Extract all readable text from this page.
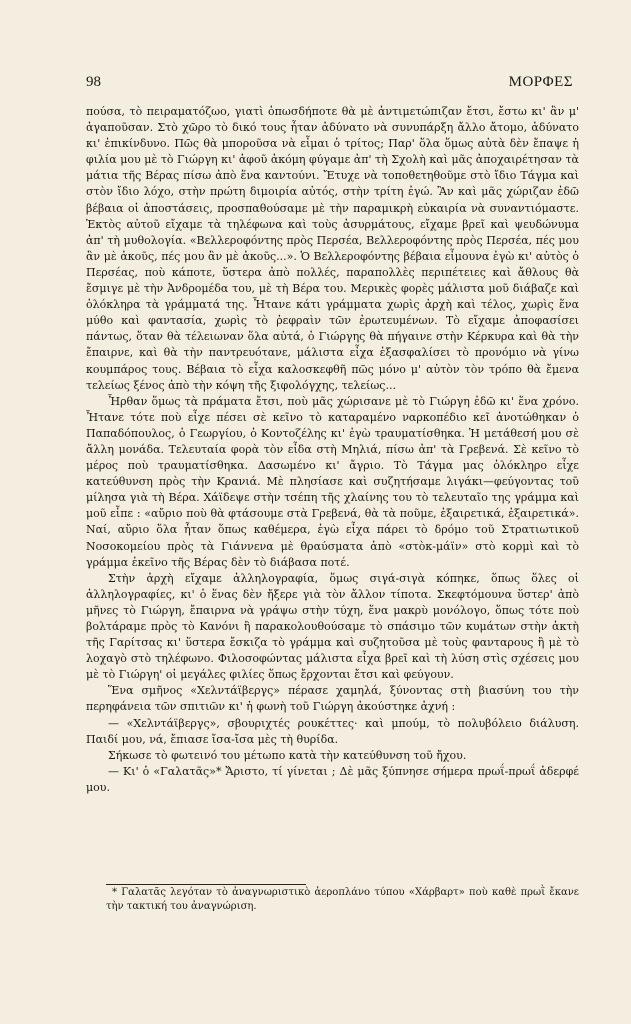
98	ΜΟΡΦΕΣ

πούσα, τὸ πειραματόζωο, γιατὶ ὁπωσδήποτε θὰ μὲ ἀντιμετώπιζαν ἔτσι, ἔστω κι' ἂν μ' ἀγαποῦσαν. Στὸ χῶρο τὸ δικό τους ἦταν ἀδύνατο νὰ συνυπάρξη ἄλλο ἄτομο, ἀδύνατο κι' ἐπικίνδυνο. Πῶς θὰ μποροῦσα νὰ εἶμαι ὁ τρίτος; Παρ' ὅλα ὅμως αὐτὰ δὲν ἔπαψε ἡ φιλία μου μὲ τὸ Γιώργη κι' ἀφοῦ ἀκόμη φύγαμε ἀπ' τὴ Σχολὴ καὶ μᾶς ἀποχαιρέτησαν τὰ μάτια τῆς Βέρας πίσω ἀπὸ ἕνα καντούνι. Ἔτυχε νὰ τοποθετηθοῦμε στὸ ἴδιο Τάγμα καὶ στὸν ἴδιο λόχο, στὴν πρώτη διμοιρία αὐτός, στὴν τρίτη ἐγώ. Ἂν καὶ μᾶς χώριζαν ἐδῶ βέβαια οἱ ἀποστάσεις, προσπαθούσαμε μὲ τὴν παραμικρὴ εὐκαιρία νὰ συναντιόμαστε. Ἐκτὸς αὐτοῦ εἴχαμε τὰ τηλέφωνα καὶ τοὺς ἀσυρμάτους, εἴχαμε βρεῖ καὶ ψευδώνυμα ἀπ' τὴ μυθολογία. «Βελλεροφόντης πρὸς Περσέα, Βελλεροφόντης πρὸς Περσέα, πές μου ἂν μὲ ἀκοῦς, πές μου ἂν μὲ ἀκοῦς...». Ὁ Βελλεροφόντης βέβαια εἶμουνα ἐγὼ κι' αὐτὸς ὁ Περσέας, ποὺ κάποτε, ὕστερα ἀπὸ πολλές, παραπολλὲς περιπέτειες καὶ ἄθλους θὰ ἔσμιγε μὲ τὴν Ἀνδρομέδα του, μὲ τὴ Βέρα του. Μερικὲς φορὲς μάλιστα μοῦ διάβαζε καὶ ὁλόκληρα τὰ γράμματά της. Ἦτανε κάτι γράμματα χωρὶς ἀρχὴ καὶ τέλος, χωρὶς ἕνα μύθο καὶ φαντασία, χωρὶς τὸ ῥεφραὶν τῶν ἐρωτευμένων. Τὸ εἴχαμε ἀποφασίσει πάντως, ὅταν θὰ τέλειωναν ὅλα αὐτά, ὁ Γιώργης θὰ πήγαινε στὴν Κέρκυρα καὶ θὰ τὴν ἔπαιρνε, καὶ θὰ τὴν παντρευότανε, μάλιστα εἶχα ἐξασφαλίσει τὸ προνόμιο νὰ γίνω κουμπάρος τους. Βέβαια τὸ εἶχα καλοσκεφθῆ πῶς μόνο μ' αὐτὸν τὸν τρόπο θὰ ἔμενα τελείως ξένος ἀπὸ τὴν κόψη τῆς ξιφολόγχης, τελείως...

Ἦρθαν ὅμως τὰ πράματα ἔτσι, ποὺ μᾶς χώρισανε μὲ τὸ Γιώργη ἐδῶ κι' ἕνα χρόνο. Ἦτανε τότε ποὺ εἶχε πέσει σὲ κεῖνο τὸ καταραμένο ναρκοπέδιο κεῖ ἀνοτώθηκαν ὁ Παπαδόπουλος, ὁ Γεωργίου, ὁ Κοντοζέλης κι' ἐγὼ τραυματίσθηκα. Ἡ μετάθεσή μου σὲ ἄλλη μονάδα. Τελευταία φορὰ τὸν εἶδα στὴ Μηλιά, πίσω ἀπ' τὰ Γρεβενά. Σὲ κεῖνο τὸ μέρος ποὺ τραυματίσθηκα. Δασωμένο κι' ἄγριο. Τὸ Τάγμα μας ὁλόκληρο εἶχε κατεύθυνση πρὸς τὴν Κρανιά. Μὲ πλησίασε καὶ συζητήσαμε λιγάκι—φεύγοντας τοῦ μίλησα γιὰ τὴ Βέρα. Χάϊδεψε στὴν τσέπη τῆς χλαίνης του τὸ τελευταῖο της γράμμα καὶ μοῦ εἶπε : «αὔριο ποὺ θὰ φτάσουμε στὰ Γρεβενά, θὰ τὰ ποῦμε, ἐξαιρετικά, ἐξαιρετικά». Ναί, αὔριο ὅλα ἦταν ὅπως καθέμερα, ἐγὼ εἶχα πάρει τὸ δρόμο τοῦ Στρατιωτικοῦ Νοσοκομείου πρὸς τὰ Γιάννενα μὲ θραύσματα ἀπὸ «στὸκ-μάϊν» στὸ κορμὶ καὶ τὸ γράμμα ἐκεῖνο τῆς Βέρας δὲν τὸ διάβασα ποτέ.

Στὴν ἀρχὴ εἴχαμε ἀλληλογραφία, ὅμως σιγά-σιγὰ κόπηκε, ὅπως ὅλες οἱ ἀλληλογραφίες, κι' ὁ ἕνας δὲν ἤξερε γιὰ τὸν ἄλλον τίποτα. Σκεφτόμουνα ὕστερ' ἀπὸ μῆνες τὸ Γιώργη, ἔπαιρνα νὰ γράψω στὴν τύχη, ἕνα μακρὺ μονόλογο, ὅπως τότε ποὺ βολτάραμε πρὸς τὸ Κανόνι ἢ παρακολουθούσαμε τὸ σπάσιμο τῶν κυμάτων στὴν ἀκτὴ τῆς Γαρίτσας κι' ὕστερα ἔσκιζα τὸ γράμμα καὶ συζητοῦσα μὲ τοὺς φανταρους ἢ μὲ τὸ λοχαγὸ στὸ τηλέφωνο. Φιλοσοφώντας μάλιστα εἶχα βρεῖ καὶ τὴ λύση στὶς σχέσεις μου μὲ τὸ Γιώργη' οἱ μεγάλες φιλίες ὅπως ἔρχονται ἔτσι καὶ φεύγουν.

Ἕνα σμῆνος «Χελντάϊβεργς» πέρασε χαμηλά, ξύνοντας στὴ βιασύνη του τὴν περηφάνεια τῶν σπιτιῶν κι' ἡ φωνὴ τοῦ Γιώργη ἀκούστηκε ἀχνή :

— «Χελντάϊβεργς», σβουριχτές ρουκέττες· καὶ μπούμ, τὸ πολυβόλειο διάλυση. Παιδί μου, νά, ἔπιασε ἴσα-ἴσα μὲς τὴ θυρίδα.

Σήκωσε τὸ φωτεινό του μέτωπο κατὰ τὴν κατεύθυνση τοῦ ἤχου.

— Κι' ὁ «Γαλατᾶς»* Ἄριστο, τί γίνεται ; Δὲ μᾶς ξύπνησε σήμερα πρωΐ-πρωΐ ἀδερφέ μου.

* Γαλατᾶς λεγόταν τὸ ἀναγνωριστικὸ ἀεροπλάνο τύπου «Χάρβαρτ» ποὺ καθὲ πρωῒ ἔκανε τὴν τακτική του ἀναγνώριση.
